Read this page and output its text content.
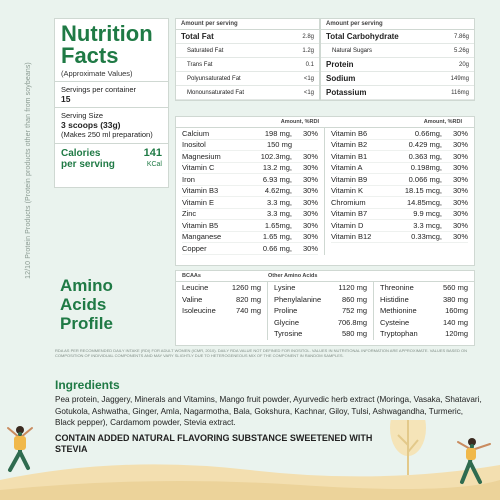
12/10 Protein Products (Protein products other than from soybeans)
Nutrition
Facts
(Approximate Values)
Servings per container
15
Serving Size
3 scoops (33g)
(Makes 250 ml preparation)
Calories
per serving
141
KCal
Amount per serving
Total Fat	2.8g
Saturated Fat	1.2g
Trans Fat	0.1
Polyunsaturated Fat	<1g
Monounsaturated Fat	<1g
Amount per serving
Total Carbohydrate	7.86g
Natural Sugars	5.26g
Protein	20g
Sodium	149mg
Potassium	116mg
Amount, %RDI	Amount, %RDI
Calcium	198 mg,	30%
Inositol	150 mg
Magnesium	102.3mg,	30%
Vitamin C	13.2 mg,	30%
Iron	6.93 mg,	30%
Vitamin B3	4.62mg,	30%
Vitamin E	3.3 mg,	30%
Zinc	3.3 mg,	30%
Vitamin B5	1.65mg,	30%
Manganese	1.65 mg,	30%
Copper	0.66 mg,	30%
Vitamin B6	0.66mg,	30%
Vitamin B2	0.429 mg,	30%
Vitamin B1	0.363 mg,	30%
Vitamin A	0.198mg,	30%
Vitamin B9	0.066 mg,	30%
Vitamin K	18.15 mcg,	30%
Chromium	14.85mcg,	30%
Vitamin B7	9.9 mcg,	30%
Vitamin D	3.3 mcg,	30%
Vitamin B12	0.33mcg,	30%
Amino
Acids
Profile
BCAAs	Other Amino Acids
Leucine	1260 mg
Valine	820 mg
Isoleucine	740 mg
Lysine	1120 mg
Phenylalanine	860 mg
Proline	752 mg
Glycine	706.8mg
Tyrosine	580 mg
Threonine	560 mg
Histidine	380 mg
Methionine	160mg
Cysteine	140 mg
Tryptophan	120mg
RDA AS PER RECOMMENDED DAILY INTAKE (RDI) FOR ADULT WOMEN (ICMR, 2010). DAILY RDA VALUE NOT DEFINED FOR INOSITOL. VALUES IN NUTRITIONAL INFORMATION ARE APPROXIMATE. VALUES BASED ON COMPOSITION OF INDIVIDUAL COMPONENTS AND MAY VARY SLIGHTLY DUE TO HETEROGENEOUS MIX OF THE COMPONENT IN RANDOM SAMPLES.
Ingredients
Pea protein, Jaggery, Minerals and Vitamins, Mango fruit powder, Ayurvedic herb extract (Moringa, Vasaka, Shatavari, Gotukola, Ashwatha, Ginger, Amla, Nagarmotha, Bala, Gokshura, Kachnar, Giloy, Tulsi, Ashwagandha, Turmeric, Black pepper), Cardamom powder, Stevia extract.
CONTAIN ADDED NATURAL FLAVORING SUBSTANCE SWEETENED WITH STEVIA
